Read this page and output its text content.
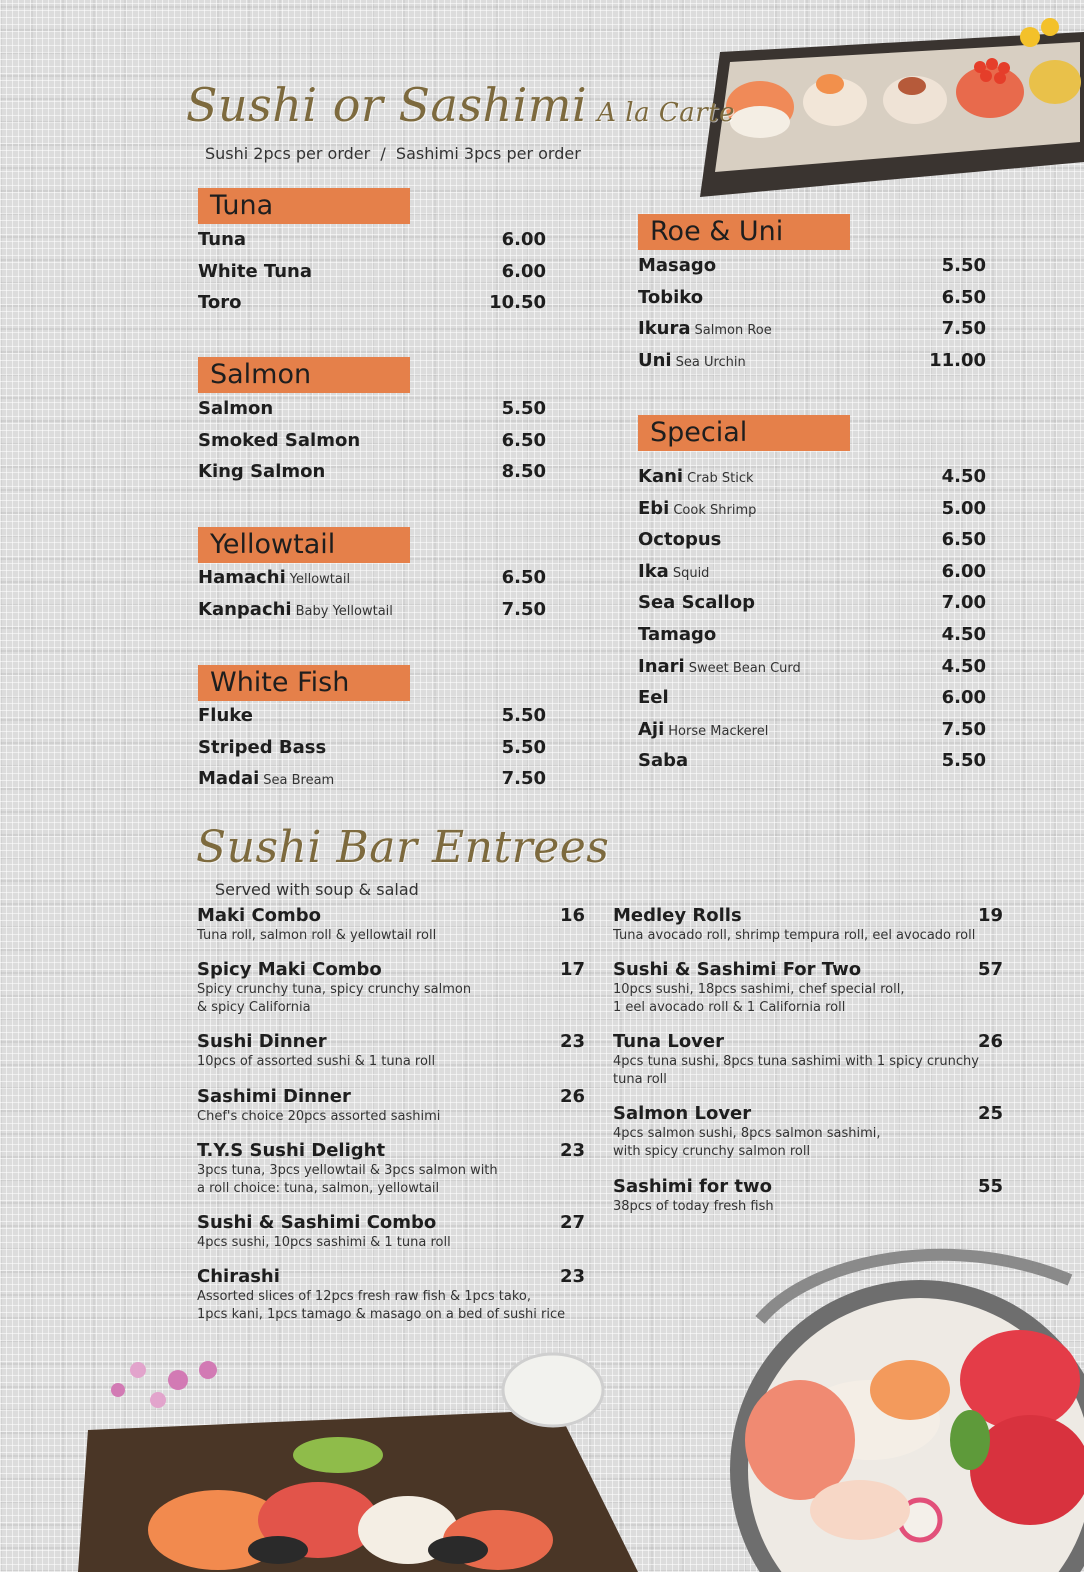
Sushi or Sashimi A la Carte
Sushi 2pcs per order  /  Sashimi 3pcs per order
Tuna
Tuna	6.00
White Tuna	6.00
Toro	10.50
Salmon
Salmon	5.50
Smoked Salmon	6.50
King Salmon	8.50
Yellowtail
Hamachi Yellowtail	6.50
Kanpachi Baby Yellowtail	7.50
White Fish
Fluke	5.50
Striped Bass	5.50
Madai Sea Bream	7.50
Roe & Uni
Masago	5.50
Tobiko	6.50
Ikura Salmon Roe	7.50
Uni Sea Urchin	11.00
Special
Kani Crab Stick	4.50
Ebi Cook Shrimp	5.00
Octopus	6.50
Ika Squid	6.00
Sea Scallop	7.00
Tamago	4.50
Inari Sweet Bean Curd	4.50
Eel	6.00
Aji Horse Mackerel	7.50
Saba	5.50
Sushi Bar Entrees
Served with soup & salad
Maki Combo	16
Tuna roll, salmon roll & yellowtail roll
Spicy Maki Combo	17
Spicy crunchy tuna, spicy crunchy salmon
& spicy California
Sushi Dinner	23
10pcs of assorted sushi & 1 tuna roll
Sashimi Dinner	26
Chef's choice 20pcs assorted sashimi
T.Y.S Sushi Delight	23
3pcs tuna, 3pcs yellowtail & 3pcs salmon with
a roll choice: tuna, salmon, yellowtail
Sushi & Sashimi Combo	27
4pcs sushi, 10pcs sashimi & 1 tuna roll
Chirashi	23
Assorted slices of 12pcs fresh raw fish & 1pcs tako,
1pcs kani, 1pcs tamago & masago on a bed of sushi rice
Medley Rolls	19
Tuna avocado roll, shrimp tempura roll, eel avocado roll
Sushi & Sashimi For Two	57
10pcs sushi, 18pcs sashimi, chef special roll,
1 eel avocado roll & 1 California roll
Tuna Lover	26
4pcs tuna sushi, 8pcs tuna sashimi with 1 spicy crunchy
tuna roll
Salmon Lover	25
4pcs salmon sushi, 8pcs salmon sashimi,
with spicy crunchy salmon roll
Sashimi for two	55
38pcs of today fresh fish
